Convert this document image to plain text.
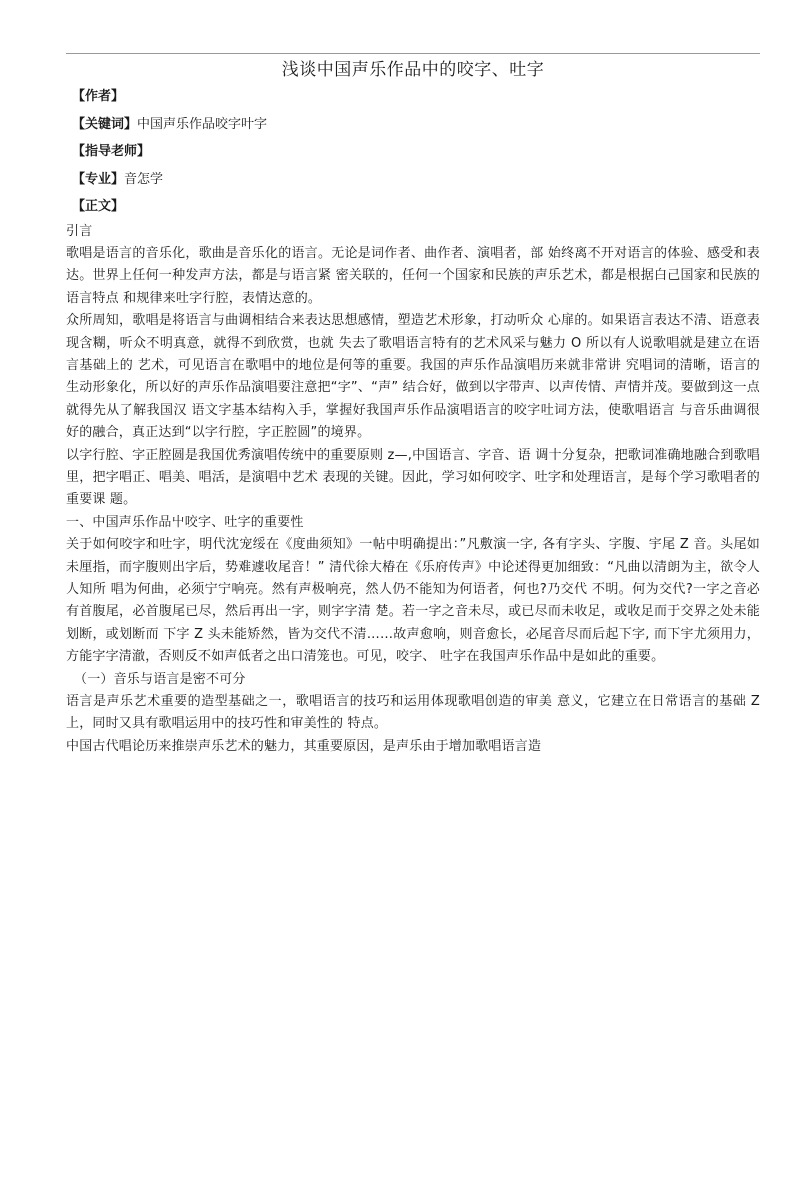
浅谈中国声乐作品中的咬字、吐字
【作者】
【关键词】中国声乐作品咬字叶字
【指导老师】
【专业】音怎学
【正文】

引言

歌唱是语言的音乐化，歌曲是音乐化的语言。无论是词作者、曲作者、演唱者，部 始终离不开对语言的体验、感受和表达。世界上任何一种发声方法，都是与语言紧 密关联的，任何一个国家和民族的声乐艺术，都是根据白己国家和民族的语言特点 和规律来吐字行腔，表情达意的。

众所周知，歌唱是将语言与曲调相结合来表达思想感情，塑造艺术形象，打动听众 心扉的。如果语言表达不清、语意表现含糊，听众不明真意，就得不到欣赏，也就 失去了歌唱语言特有的艺术风采与魅力 O 所以有人说歌唱就是建立在语言基础上的 艺术，可见语言在歌唱中的地位是何等的重要。我国的声乐作品演唱历来就非常讲 究唱词的清晰，语言的生动形象化，所以好的声乐作品演唱要注意把“字”、“声” 结合好，做到以字带声、以声传情、声情并茂。要做到这一点就得先从了解我国汉 语文字基本结构入手，掌握好我国声乐作品演唱语言的咬字吐词方法，使歌唱语言 与音乐曲调很好的融合，真正达到“以字行腔，字正腔圆”的境界。

以字行腔、字正腔圆是我国优秀演唱传统中的重要原则 z—,中国语言、字音、语 调十分复杂，把歌词准确地融合到歌唱里，把字唱正、唱美、唱活，是演唱中艺术 表现的关键。因此，学习如何咬字、吐字和处理语言，是每个学习歌唱者的重要课 题。

一、中国声乐作品屮咬字、吐字的重要性

关于如何咬字和吐字，明代沈宠绥在《度曲须知》一帖中明确提出：”凡敷演一字, 各有字头、字腹、宇尾 Z 音。头尾如未厘指，而字腹则出字后，势难遽收尾音！” 清代徐大椿在《乐府传声》中论述得更加细致：“凡曲以清朗为主，欲令人人知所 唱为何曲，必须宁宁响亮。然有声极响亮，然人仍不能知为何语者，何也?乃交代 不明。何为交代?一字之音必有首腹尾，必首腹尾已尽，然后再出一字，则字字清 楚。若一字之音未尽，或已尽而未收足，或收足而于交界之处未能划断，或划断而 下字 Z 头未能矫然，皆为交代不清……故声愈响，则音愈长，必尾音尽而后起下字, 而下宇尤须用力，方能字字清澈，否则反不如声低者之出口清笼也。可见，咬字、 吐字在我国声乐作品中是如此的重要。

（一）音乐与语言是密不可分

语言是声乐艺术重要的造型基础之一，歌唱语言的技巧和运用体现歌唱创造的审美 意义，它建立在日常语言的基础 Z 上，同时又具有歌唱运用中的技巧性和审美性的 特点。

中国古代唱论历来推崇声乐艺术的魅力，其重要原因，是声乐由于增加歌唱语言造
